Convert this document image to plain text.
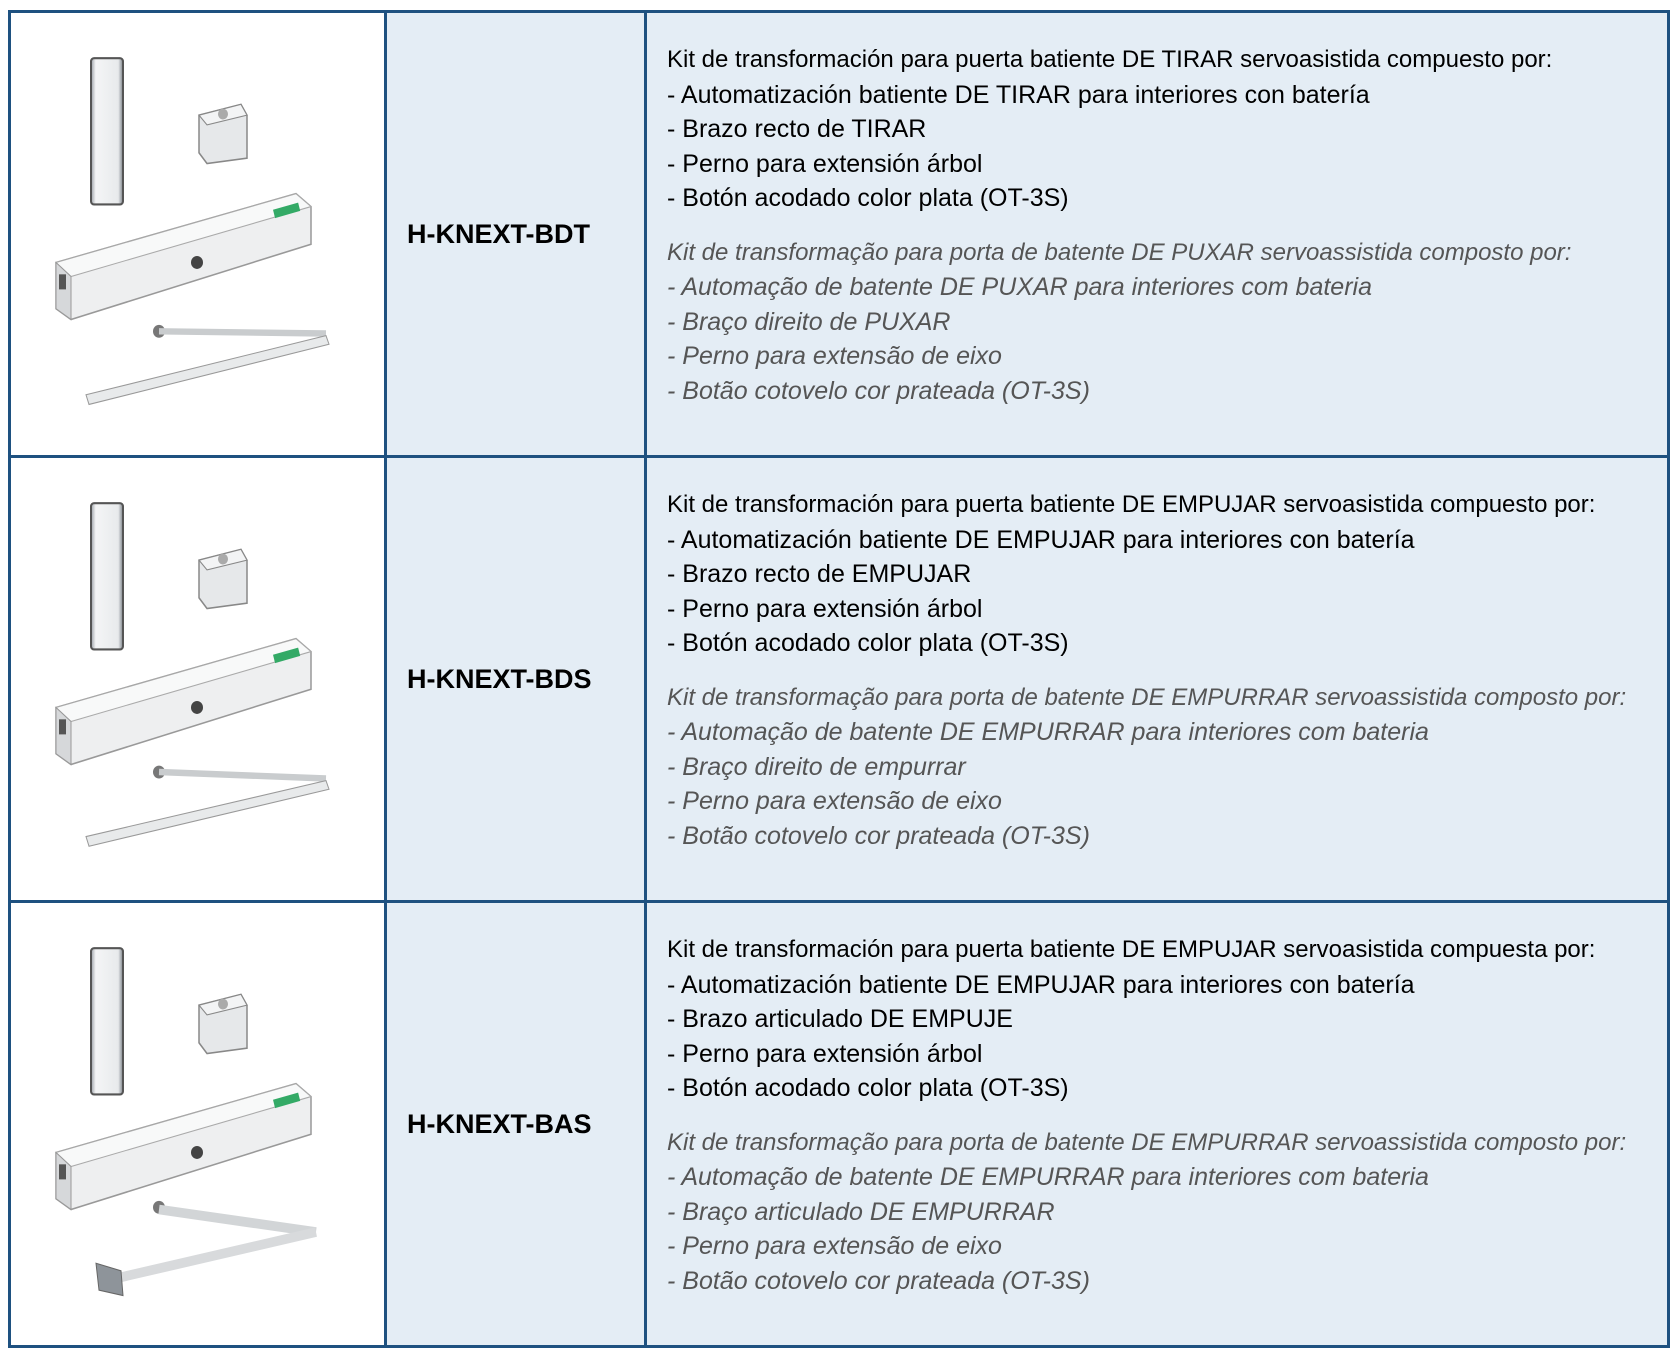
H-KNEXT-BDT
Kit de transformación para puerta batiente DE TIRAR servoasistida compuesto por:
- Automatización batiente DE TIRAR para interiores con batería
- Brazo recto de TIRAR
- Perno para extensión árbol
- Botón acodado color plata (OT-3S)
Kit de transformação para porta de batente DE PUXAR servoassistida composto por:
- Automação de batente DE PUXAR para interiores com bateria
- Braço direito de PUXAR
- Perno para extensão de eixo
- Botão cotovelo cor prateada (OT-3S)
H-KNEXT-BDS
Kit de transformación para puerta batiente DE EMPUJAR servoasistida compuesto por:
- Automatización batiente DE EMPUJAR para interiores con batería
- Brazo recto de EMPUJAR
- Perno para extensión árbol
- Botón acodado color plata (OT-3S)
Kit de transformação para porta de batente DE EMPURRAR servoassistida composto por:
- Automação de batente DE EMPURRAR para interiores com bateria
- Braço direito de empurrar
- Perno para extensão de eixo
- Botão cotovelo cor prateada (OT-3S)
H-KNEXT-BAS
Kit de transformación para puerta batiente DE EMPUJAR servoasistida compuesta por:
- Automatización batiente DE EMPUJAR para interiores con batería
- Brazo articulado DE EMPUJE
- Perno para extensión árbol
- Botón acodado color plata (OT-3S)
Kit de transformação para porta de batente DE EMPURRAR servoassistida composto por:
- Automação de batente DE EMPURRAR para interiores com bateria
- Braço articulado DE EMPURRAR
- Perno para extensão de eixo
- Botão cotovelo cor prateada (OT-3S)
